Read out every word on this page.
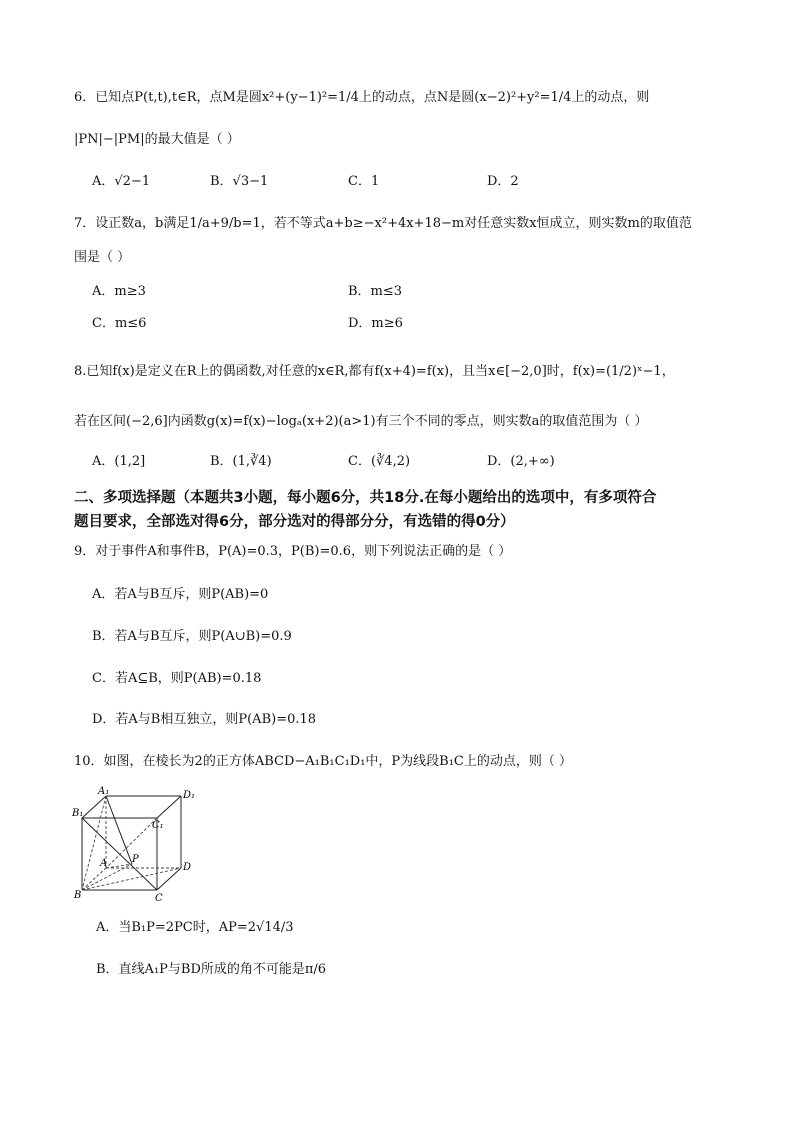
6．已知点P(t,t),t∈R，点M是圆x²+(y−1)²=1/4上的动点，点N是圆(x−2)²+y²=1/4上的动点，则
|PN|−|PM|的最大值是（ ）
A．√2−1	B．√3−1	C．1	D．2
7．设正数a，b满足1/a+9/b=1，若不等式a+b≥−x²+4x+18−m对任意实数x恒成立，则实数m的取值范
围是（ ）
A．m≥3	B．m≤3
C．m≤6	D．m≥6
8.已知f(x)是定义在R上的偶函数,对任意的x∈R,都有f(x+4)=f(x)，且当x∈[−2,0]时，f(x)=(1/2)ˣ−1，
若在区间(−2,6]内函数g(x)=f(x)−logₐ(x+2)(a>1)有三个不同的零点，则实数a的取值范围为（ ）
A．(1,2]	B．(1,∛4)	C．(∛4,2)	D．(2,+∞)
二、多项选择题（本题共3小题，每小题6分，共18分.在每小题给出的选项中，有多项符合
题目要求，全部选对得6分，部分选对的得部分分，有选错的得0分）
9．对于事件A和事件B，P(A)=0.3，P(B)=0.6，则下列说法正确的是（ ）
A．若A与B互斥，则P(AB)=0
B．若A与B互斥，则P(A∪B)=0.9
C．若A⊆B，则P(AB)=0.18
D．若A与B相互独立，则P(AB)=0.18
10．如图，在棱长为2的正方体ABCD−A₁B₁C₁D₁中，P为线段B₁C上的动点，则（ ）
A₁	D₁
B₁
C₁
A P
D
B	C
A．当B₁P=2PC时，AP=2√14/3
B．直线A₁P与BD所成的角不可能是π/6
